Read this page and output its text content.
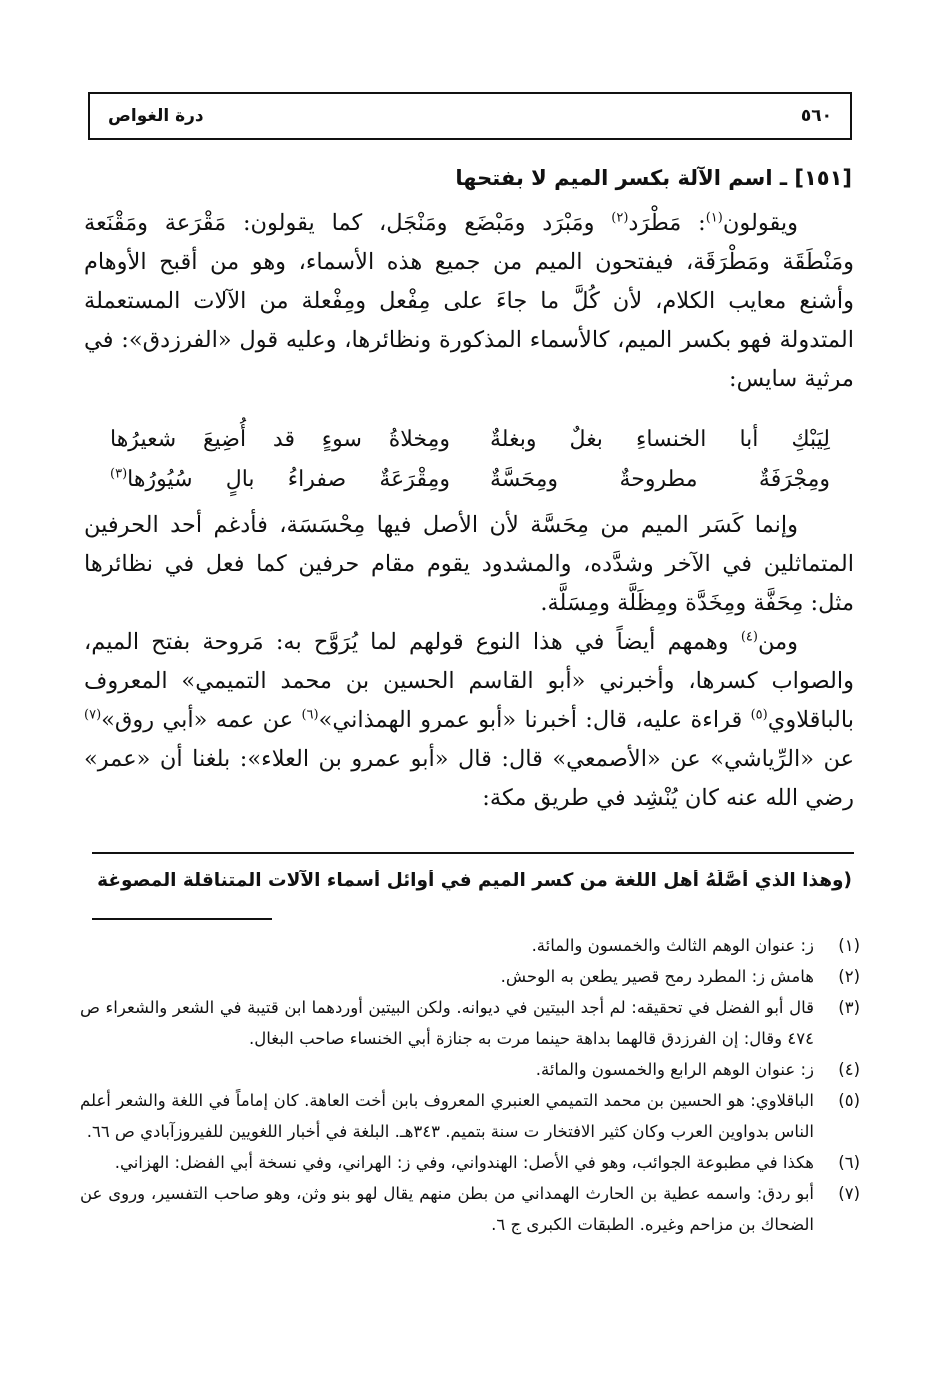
٥٦٠
درة الغواص
[١٥١] ـ اسم الآلة بكسر الميم لا بفتحها

ويقولون$^{(١)}$: مَطْرَد$^{(٢)}$ ومَبْرَد ومَبْضَع ومَنْجَل، كما يقولون: مَقْرَعة ومَقْنَعة ومَنْطَقَة ومَطْرَقَة، فيفتحون الميم من جميع هذه الأسماء، وهو من أقبح الأوهام وأشنع معايب الكلام، لأن كُلَّ ما جاءَ على مِفْعل ومِفْعلة من الآلات المستعملة المتدولة فهو بكسر الميم، كالأسماء المذكورة ونظائرها، وعليه قول «الفرزدق»: في مرثية سايس:

لِيَبْكِ أبا الخنساءِ بغلٌ وبغلةٌ
ومِخلاةُ سوءٍ قد أُضِيعَ شعيرُها
ومِجْرَفَةٌ مطروحةٌ ومِحَسَّةٌ
ومِقْرَعَةٌ صفراءُ بالٍ سُيُورُها$^{(٣)}$

وإنما كَسَر الميم من مِحَسَّة لأن الأصل فيها مِحْسَسَة، فأدغم أحد الحرفين المتماثلين في الآخر وشدَّده، والمشدود يقوم مقام حرفين كما فعل في نظائرها مثل: مِحَفَّة ومِخَدَّة ومِظَلَّة ومِسَلَّة.

ومن$^{(٤)}$ وهمهم أيضاً في هذا النوع قولهم لما يُرَوَّح به: مَروحة بفتح الميم، والصواب كسرها، وأخبرني «أبو القاسم الحسين بن محمد التميمي» المعروف بالباقلاوي$^{(٥)}$ قراءة عليه، قال: أخبرنا «أبو عمرو الهمذاني»$^{(٦)}$ عن عمه «أبي روق»$^{(٧)}$ عن «الرِّياشي» عن «الأصمعي» قال: قال «أبو عمرو بن العلاء»: بلغنا أن «عمر» رضي الله عنه كان يُنْشِد في طريق مكة:

(وهذا الذي أَصَّلَهُ أهل اللغة من كسر الميم في أوائل أسماء الآلات المتناقلة المصوغة
(١)
ز: عنوان الوهم الثالث والخمسون والمائة.
(٢)
هامش ز: المطرد رمح قصير يطعن به الوحش.
(٣)
قال أبو الفضل في تحقيقه: لم أجد البيتين في ديوانه. ولكن البيتين أوردهما ابن قتيبة في الشعر والشعراء ص ٤٧٤ وقال: إن الفرزدق قالهما بداهة حينما مرت به جنازة أبي الخنساء صاحب البغال.
(٤)
ز: عنوان الوهم الرابع والخمسون والمائة.
(٥)
الباقلاوي: هو الحسين بن محمد التميمي العنبري المعروف بابن أخت العاهة. كان إماماً في اللغة والشعر أعلم الناس بدواوين العرب وكان كثير الافتخار ت سنة بتميم. ٣٤٣هـ. البلغة في أخبار اللغويين للفيروزآبادي ص ٦٦.
(٦)
هكذا في مطبوعة الجوائب، وهو في الأصل: الهندواني، وفي ز: الهراني، وفي نسخة أبي الفضل: الهزاني.
(٧)
أبو ردق: واسمه عطية بن الحارث الهمداني من بطن منهم يقال لهو بنو وثن، وهو صاحب التفسير، وروى عن الضحاك بن مزاحم وغيره. الطبقات الكبرى ج ٦.
